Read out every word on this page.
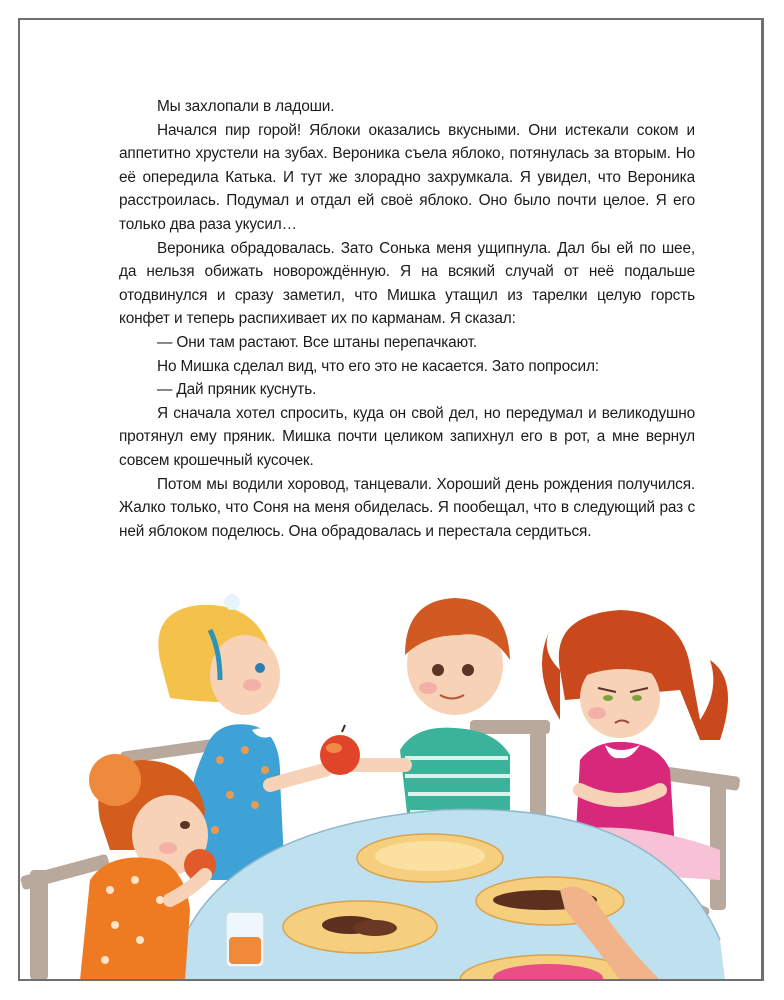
Мы захлопали в ладоши.

Начался пир горой! Яблоки оказались вкусными. Они истекали соком и аппетитно хрустели на зубах. Вероника съела яблоко, потянулась за вторым. Но её опередила Катька. И тут же злорадно захрумкала. Я увидел, что Вероника расстроилась. Подумал и отдал ей своё яблоко. Оно было почти целое. Я его только два раза укусил…

Вероника обрадовалась. Зато Сонька меня ущипнула. Дал бы ей по шее, да нельзя обижать новорождённую. Я на всякий случай от неё подальше отодвинулся и сразу заметил, что Мишка утащил из тарелки целую горсть конфет и теперь распихивает их по карманам. Я сказал:

— Они там растают. Все штаны перепачкают.

Но Мишка сделал вид, что его это не касается. Зато попросил:

— Дай пряник куснуть.

Я сначала хотел спросить, куда он свой дел, но передумал и великодушно протянул ему пряник. Мишка почти целиком запихнул его в рот, а мне вернул совсем крошечный кусочек.

Потом мы водили хоровод, танцевали. Хороший день рождения получился. Жалко только, что Соня на меня обиделась. Я пообещал, что в следующий раз с ней яблоком поделюсь. Она обрадовалась и перестала сердиться.
